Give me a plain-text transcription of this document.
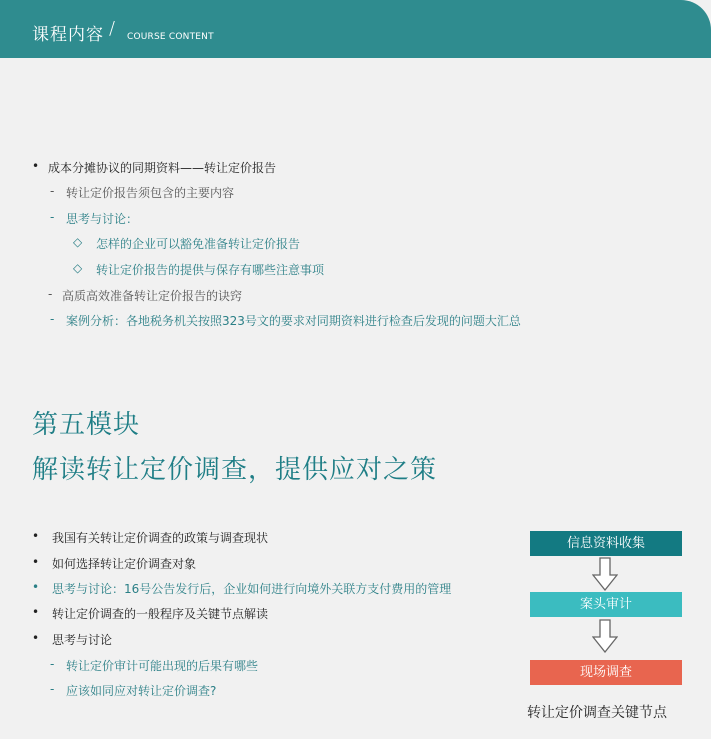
课程内容 / COURSE CONTENT
• 成本分摊协议的同期资料——转让定价报告
- 转让定价报告须包含的主要内容
- 思考与讨论：
◇ 怎样的企业可以豁免准备转让定价报告
◇ 转让定价报告的提供与保存有哪些注意事项
- 高质高效准备转让定价报告的诀窍
- 案例分析：各地税务机关按照323号文的要求对同期资料进行检查后发现的问题大汇总
第五模块
解读转让定价调查，提供应对之策
• 我国有关转让定价调查的政策与调查现状
• 如何选择转让定价调查对象
• 思考与讨论：16号公告发行后，企业如何进行向境外关联方支付费用的管理
• 转让定价调查的一般程序及关键节点解读
• 思考与讨论
- 转让定价审计可能出现的后果有哪些
- 应该如同应对转让定价调查?
信息资料收集
案头审计
现场调查
转让定价调查关键节点
